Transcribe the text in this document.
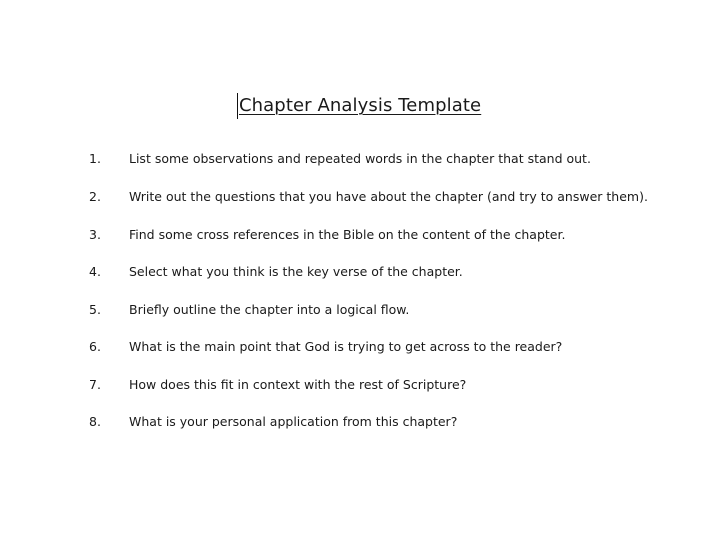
Chapter Analysis Template
1. List some observations and repeated words in the chapter that stand out.
2. Write out the questions that you have about the chapter (and try to answer them).
3. Find some cross references in the Bible on the content of the chapter.
4. Select what you think is the key verse of the chapter.
5. Briefly outline the chapter into a logical flow.
6. What is the main point that God is trying to get across to the reader?
7. How does this fit in context with the rest of Scripture?
8. What is your personal application from this chapter?
